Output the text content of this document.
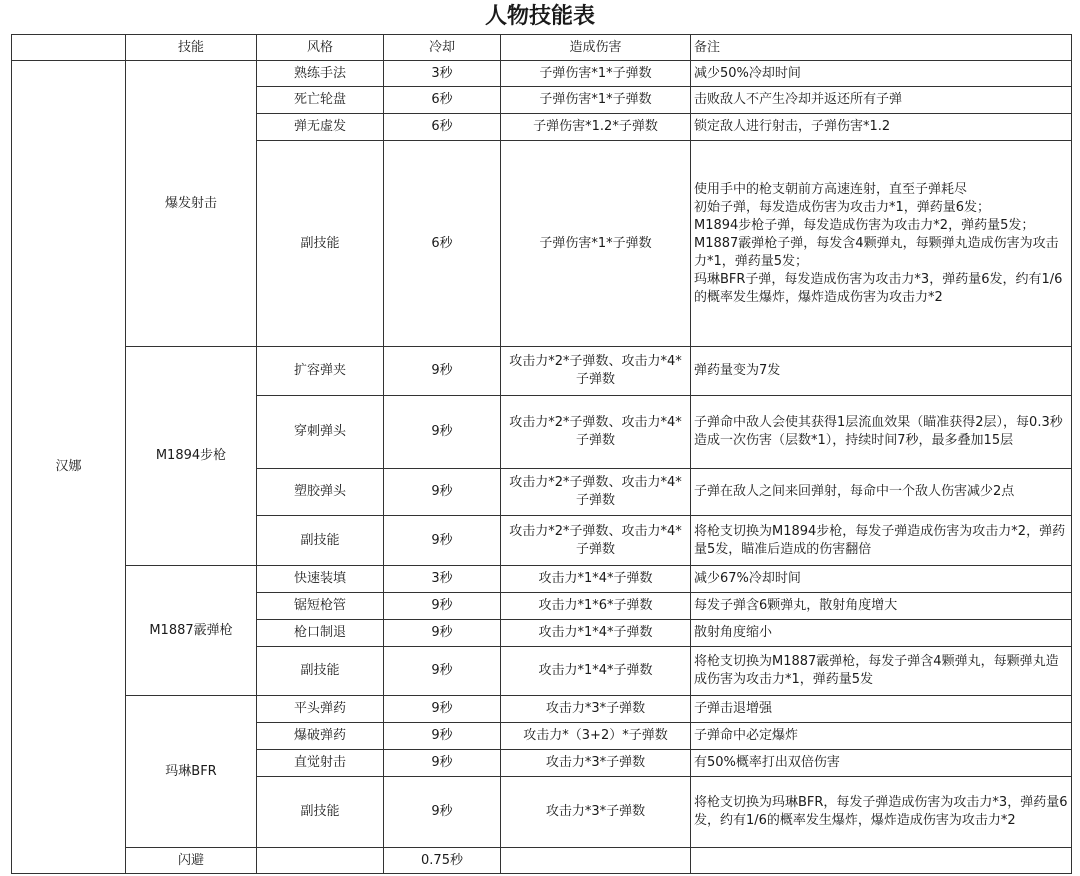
人物技能表
	技能	风格	冷却	造成伤害	备注
汉娜	爆发射击	熟练手法	3秒	子弹伤害*1*子弹数	减少50%冷却时间
		死亡轮盘	6秒	子弹伤害*1*子弹数	击败敌人不产生冷却并返还所有子弹
		弹无虚发	6秒	子弹伤害*1.2*子弹数	锁定敌人进行射击，子弹伤害*1.2
		副技能	6秒	子弹伤害*1*子弹数	使用手中的枪支朝前方高速连射，直至子弹耗尽
初始子弹，每发造成伤害为攻击力*1，弹药量6发；
M1894步枪子弹，每发造成伤害为攻击力*2，弹药量5发；
M1887霰弹枪子弹，每发含4颗弹丸，每颗弹丸造成伤害为攻击力*1，弹药量5发；
玛琳BFR子弹，每发造成伤害为攻击力*3，弹药量6发，约有1/6的概率发生爆炸，爆炸造成伤害为攻击力*2
	M1894步枪	扩容弹夹	9秒	攻击力*2*子弹数、攻击力*4*子弹数	弹药量变为7发
		穿刺弹头	9秒	攻击力*2*子弹数、攻击力*4*子弹数	子弹命中敌人会使其获得1层流血效果（瞄准获得2层），每0.3秒造成一次伤害（层数*1），持续时间7秒，最多叠加15层
		塑胶弹头	9秒	攻击力*2*子弹数、攻击力*4*子弹数	子弹在敌人之间来回弹射，每命中一个敌人伤害减少2点
		副技能	9秒	攻击力*2*子弹数、攻击力*4*子弹数	将枪支切换为M1894步枪，每发子弹造成伤害为攻击力*2，弹药量5发，瞄准后造成的伤害翻倍
	M1887霰弹枪	快速装填	3秒	攻击力*1*4*子弹数	减少67%冷却时间
		锯短枪管	9秒	攻击力*1*6*子弹数	每发子弹含6颗弹丸，散射角度增大
		枪口制退	9秒	攻击力*1*4*子弹数	散射角度缩小
		副技能	9秒	攻击力*1*4*子弹数	将枪支切换为M1887霰弹枪，每发子弹含4颗弹丸，每颗弹丸造成伤害为攻击力*1，弹药量5发
	玛琳BFR	平头弹药	9秒	攻击力*3*子弹数	子弹击退增强
		爆破弹药	9秒	攻击力*（3+2）*子弹数	子弹命中必定爆炸
		直觉射击	9秒	攻击力*3*子弹数	有50%概率打出双倍伤害
		副技能	9秒	攻击力*3*子弹数	将枪支切换为玛琳BFR，每发子弹造成伤害为攻击力*3，弹药量6发，约有1/6的概率发生爆炸，爆炸造成伤害为攻击力*2
	闪避		0.75秒		
